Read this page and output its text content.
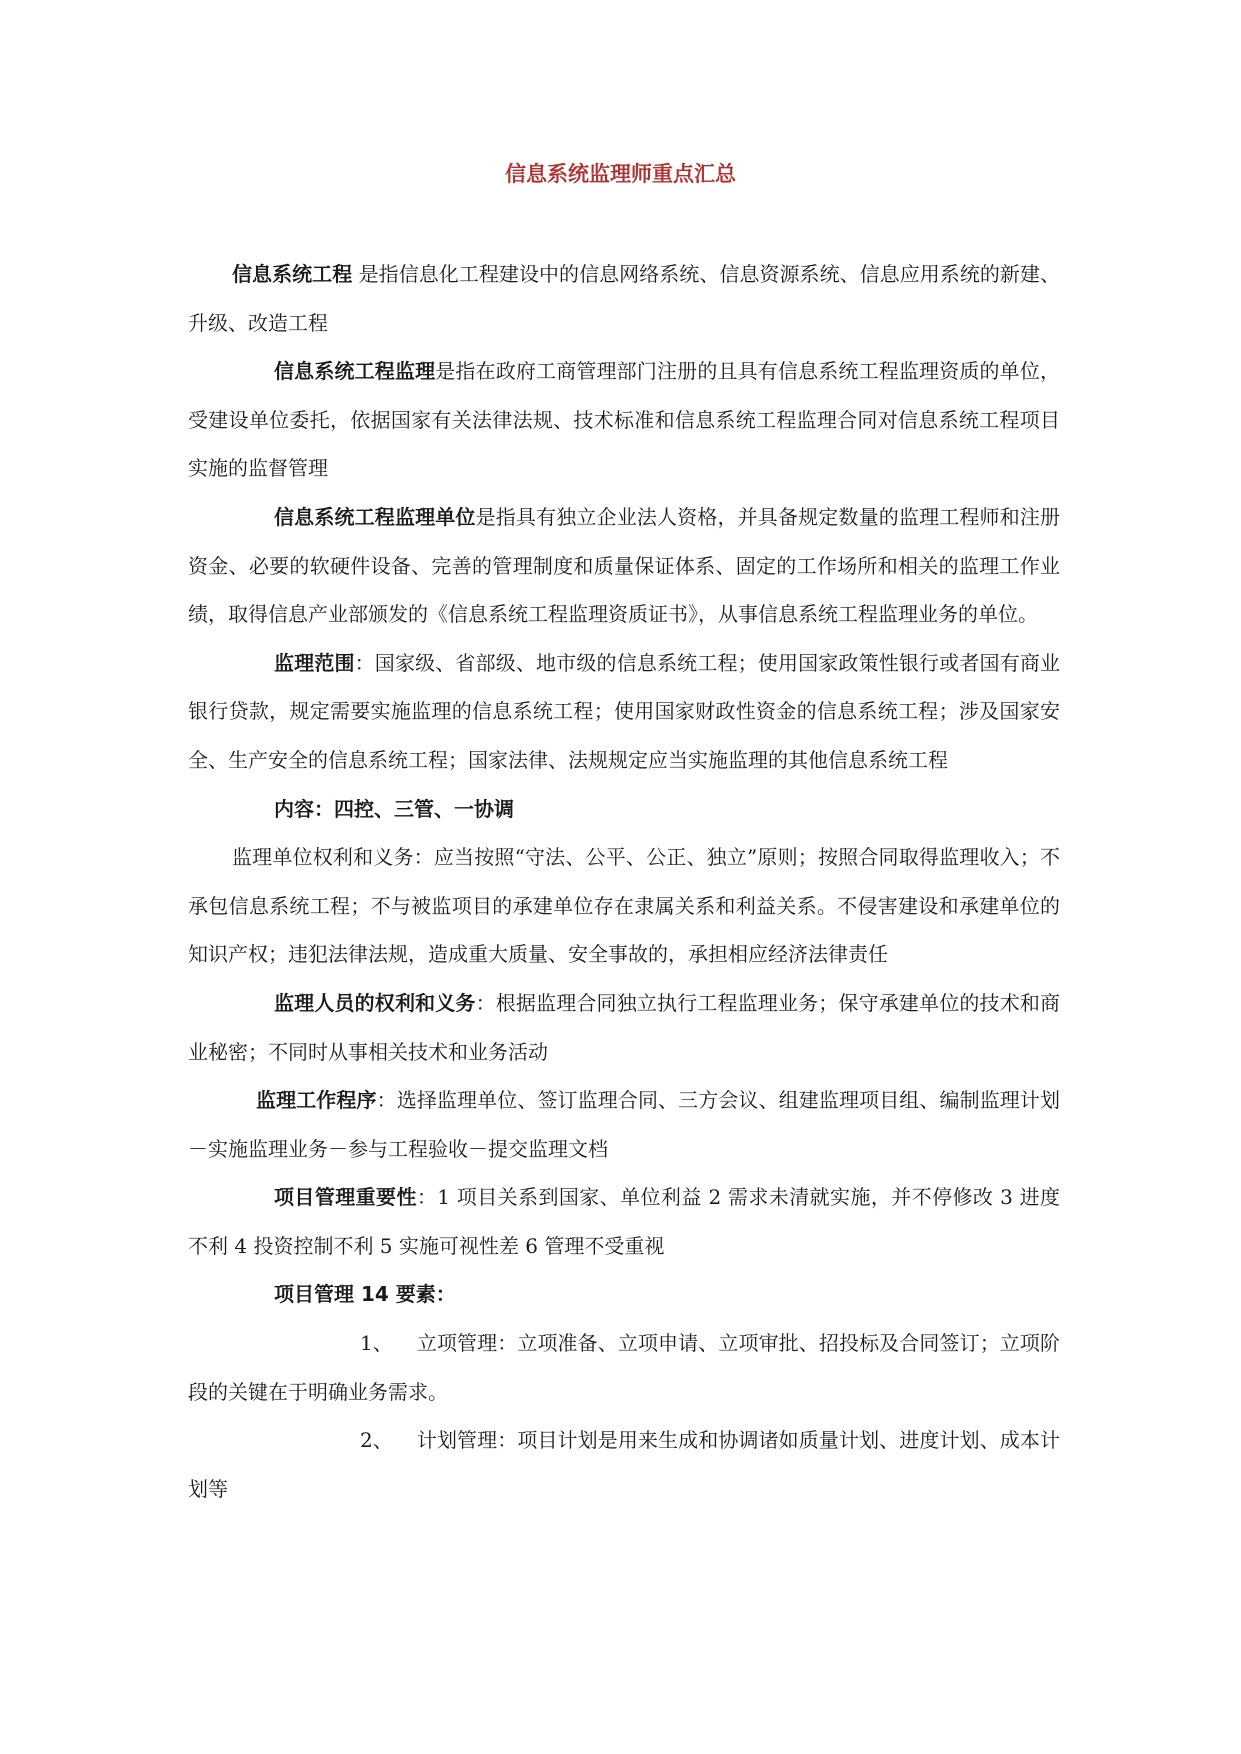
信息系统监理师重点汇总

信息系统工程 是指信息化工程建设中的信息网络系统、信息资源系统、信息应用系统的新建、升级、改造工程

信息系统工程监理是指在政府工商管理部门注册的且具有信息系统工程监理资质的单位，受建设单位委托，依据国家有关法律法规、技术标准和信息系统工程监理合同对信息系统工程项目实施的监督管理

信息系统工程监理单位是指具有独立企业法人资格，并具备规定数量的监理工程师和注册资金、必要的软硬件设备、完善的管理制度和质量保证体系、固定的工作场所和相关的监理工作业绩，取得信息产业部颁发的《信息系统工程监理资质证书》，从事信息系统工程监理业务的单位。

监理范围：国家级、省部级、地市级的信息系统工程；使用国家政策性银行或者国有商业银行贷款，规定需要实施监理的信息系统工程；使用国家财政性资金的信息系统工程；涉及国家安全、生产安全的信息系统工程；国家法律、法规规定应当实施监理的其他信息系统工程

内容：四控、三管、一协调

监理单位权利和义务：应当按照“守法、公平、公正、独立”原则；按照合同取得监理收入；不承包信息系统工程；不与被监项目的承建单位存在隶属关系和利益关系。不侵害建设和承建单位的知识产权；违犯法律法规，造成重大质量、安全事故的，承担相应经济法律责任

监理人员的权利和义务：根据监理合同独立执行工程监理业务；保守承建单位的技术和商业秘密；不同时从事相关技术和业务活动

监理工作程序：选择监理单位、签订监理合同、三方会议、组建监理项目组、编制监理计划－实施监理业务－参与工程验收－提交监理文档

项目管理重要性：1 项目关系到国家、单位利益 2 需求未清就实施，并不停修改 3 进度不利 4 投资控制不利 5 实施可视性差 6 管理不受重视

项目管理 14 要素：

1、 立项管理：立项准备、立项申请、立项审批、招投标及合同签订；立项阶段的关键在于明确业务需求。

2、 计划管理：项目计划是用来生成和协调诸如质量计划、进度计划、成本计划等
